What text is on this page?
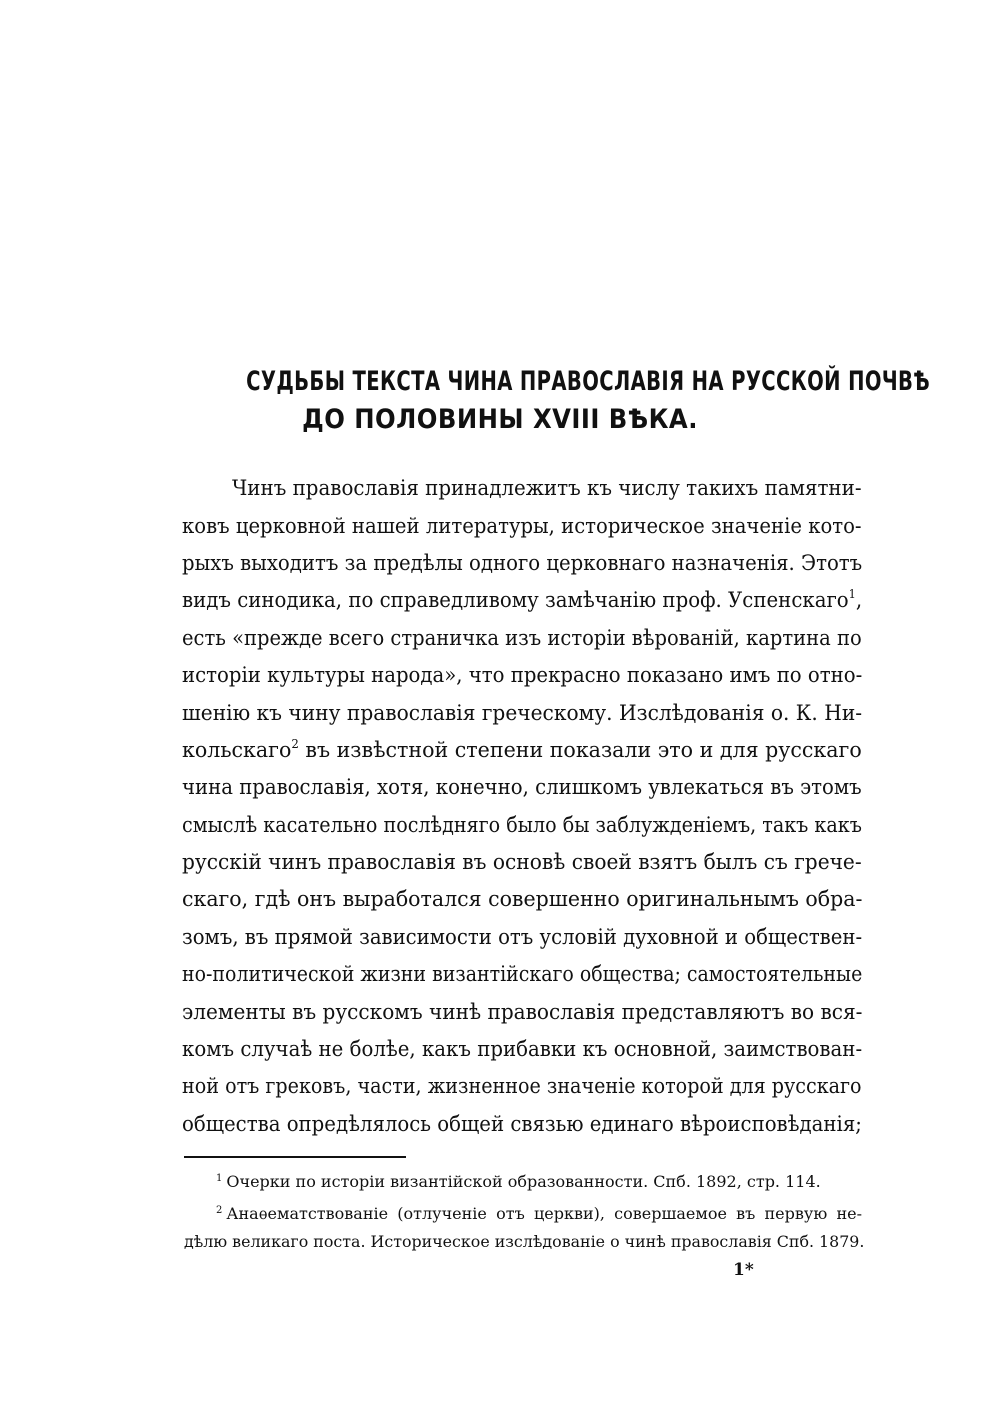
СУДЬБЫ ТЕКСТА ЧИНА ПРАВОСЛАВІЯ НА РУССКОЙ ПОЧВѢ
ДО ПОЛОВИНЫ XVIII ВѢКА.
Чинъ православія принадлежитъ къ числу такихъ памятни-
ковъ церковной нашей литературы, историческое значеніе кото-
рыхъ выходитъ за предѣлы одного церковнаго назначенія. Этотъ
видъ синодика, по справедливому замѣчанію проф. Успенскаго$^1$,
есть «прежде всего страничка изъ исторіи вѣрованій, картина по
исторіи культуры народа», что прекрасно показано имъ по отно-
шенію къ чину православія греческому. Изслѣдованія о. К. Ни-
кольскаго$^2$ въ извѣстной степени показали это и для русскаго
чина православія, хотя, конечно, слишкомъ увлекаться въ этомъ
смыслѣ касательно послѣдняго было бы заблужденіемъ, такъ какъ
русскій чинъ православія въ основѣ своей взятъ былъ съ грече-
скаго, гдѣ онъ выработался совершенно оригинальнымъ обра-
зомъ, въ прямой зависимости отъ условій духовной и обществен-
но-политической жизни византійскаго общества; самостоятельные
элементы въ русскомъ чинѣ православія представляютъ во вся-
комъ случаѣ не болѣе, какъ прибавки къ основной, заимствован-
ной отъ грековъ, части, жизненное значеніе которой для русскаго
общества опредѣлялось общей связью единаго вѣроисповѣданія;
$^1$ Очерки по исторіи византійской образованности. Спб. 1892, стр. 114.
$^2$ Анаѳематствованіе (отлученіе отъ церкви), совершаемое въ первую не-
дѣлю великаго поста. Историческое изслѣдованіе о чинѣ православія Спб. 1879.
1*
